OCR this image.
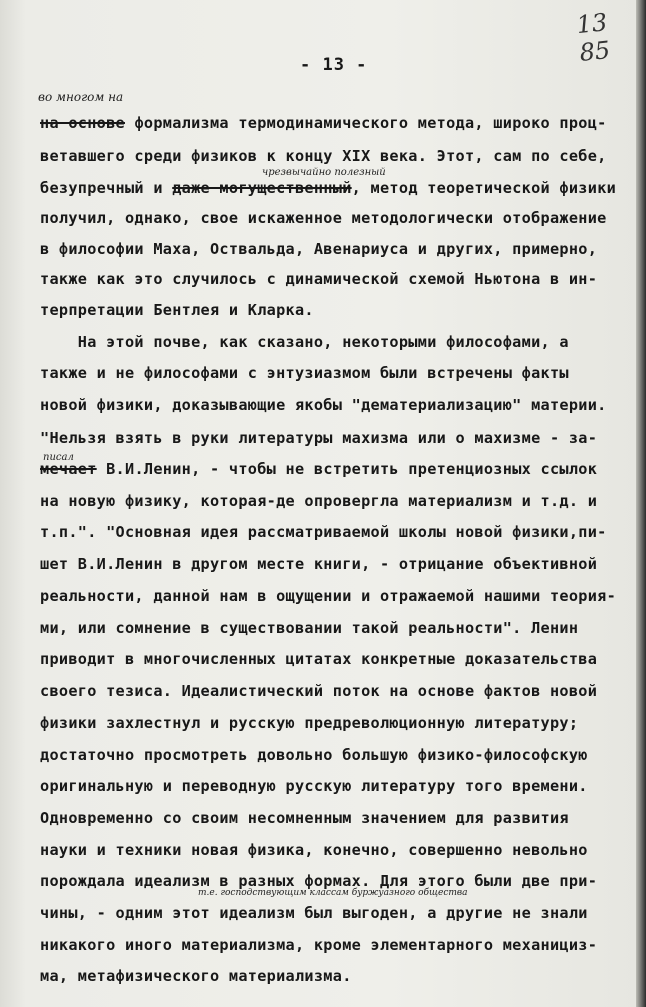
- 13 -
13
85
во многом на
чрезвычайно полезный
писал
т.е. господствующим классам буржуазного общества
на основе формализма термодинамического метода, широко проц-
ветавшего среди физиков к концу XIX века. Этот, сам по себе,
безупречный и даже могущественный, метод теоретической физики
получил, однако, свое искаженное методологически отображение
в философии Маха, Оствальда, Авенариуса и других, примерно,
также как это случилось с динамической схемой Ньютона в ин-
терпретации Бентлея и Кларка.
На этой почве, как сказано, некоторыми философами, а
также и не философами с энтузиазмом были встречены факты
новой физики, доказывающие якобы "дематериализацию" материи.
"Нельзя взять в руки литературы махизма или о махизме - за-
мечает В.И.Ленин, - чтобы не встретить претенциозных ссылок
на новую физику, которая-де опровергла материализм и т.д. и
т.п.". "Основная идея рассматриваемой школы новой физики,пи-
шет В.И.Ленин в другом месте книги, - отрицание объективной
реальности, данной нам в ощущении и отражаемой нашими теория-
ми, или сомнение в существовании такой реальности". Ленин
приводит в многочисленных цитатах конкретные доказательства
своего тезиса. Идеалистический поток на основе фактов новой
физики захлестнул и русскую предреволюционную литературу;
достаточно просмотреть довольно большую физико-философскую
оригинальную и переводную русскую литературу того времени.
Одновременно со своим несомненным значением для развития
науки и техники новая физика, конечно, совершенно невольно
порождала идеализм в разных формах. Для этого были две при-
чины, - одним этот идеализм был выгоден, а другие не знали
никакого иного материализма, кроме элементарного механициз-
ма, метафизического материализма.
